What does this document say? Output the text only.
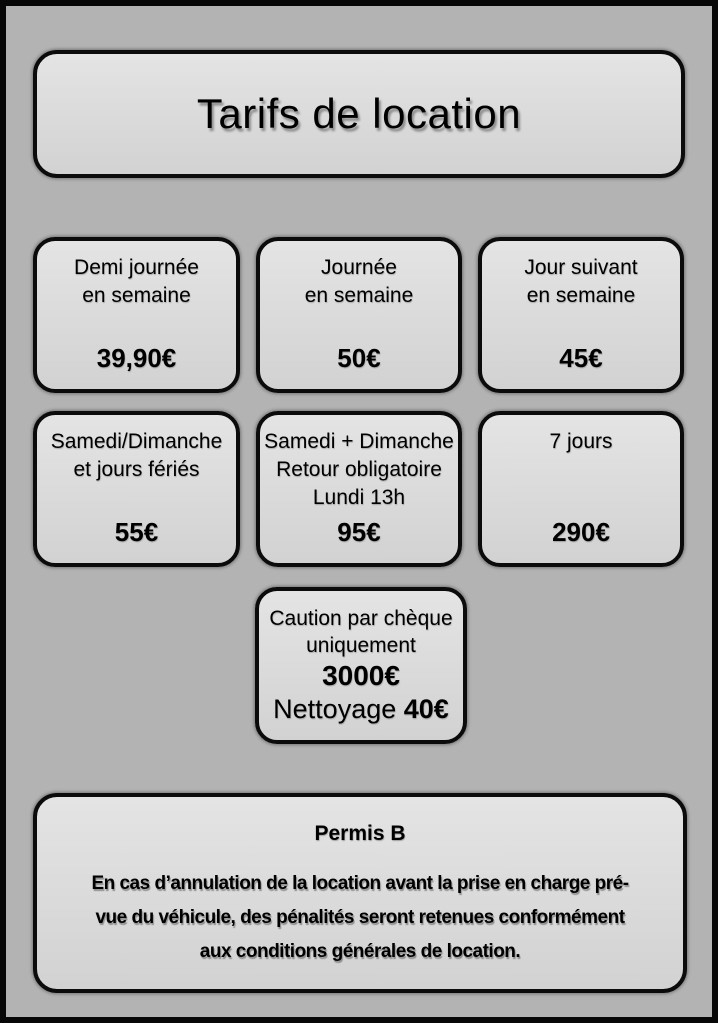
Tarifs de location
Demi journée
en semaine
39,90€
Journée
en semaine
50€
Jour suivant
en semaine
45€
Samedi/Dimanche
et jours fériés
55€
Samedi + Dimanche
Retour obligatoire
Lundi 13h
95€
7 jours
290€
Caution par chèque
uniquement
3000€
Nettoyage 40€
Permis B
En cas d’annulation de la location avant la prise en charge pré-
vue du véhicule, des pénalités seront retenues conformément
aux conditions générales de location.
